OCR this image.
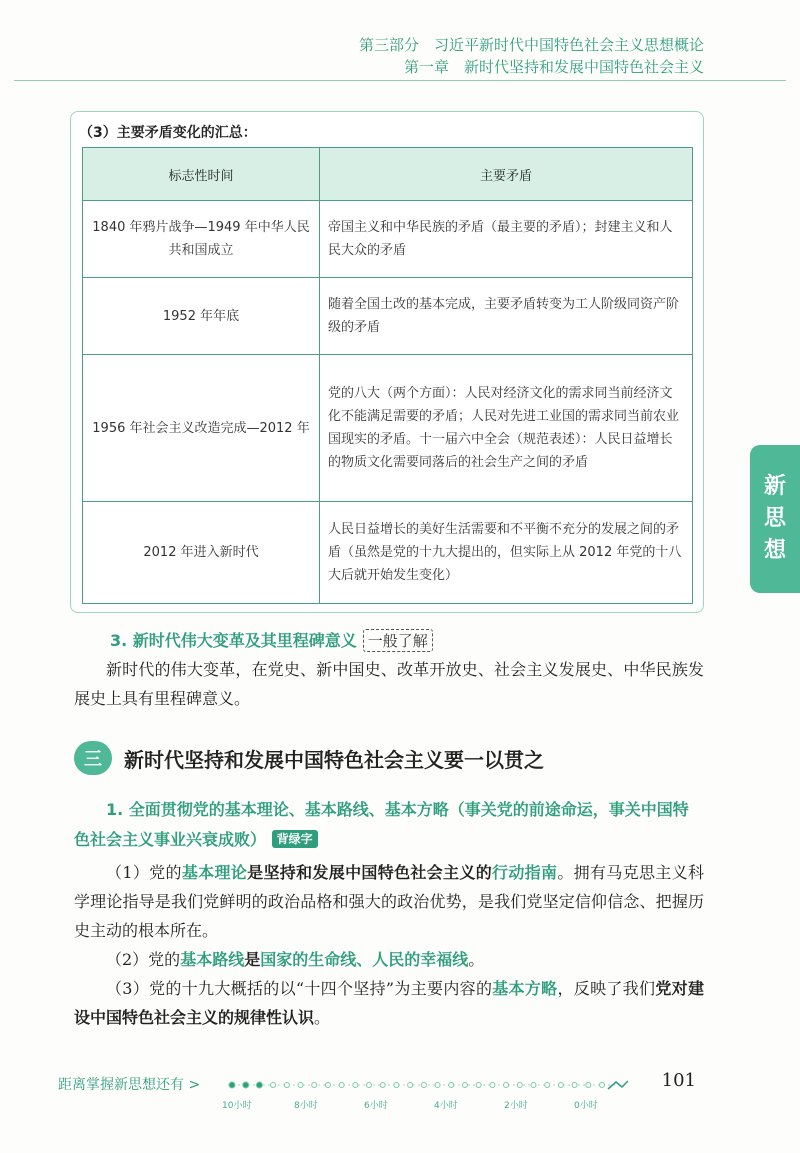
第三部分　习近平新时代中国特色社会主义思想概论
第一章　新时代坚持和发展中国特色社会主义
新
思
想
（3）主要矛盾变化的汇总：
标志性时间	主要矛盾
1840 年鸦片战争—1949 年中华人民共和国成立	帝国主义和中华民族的矛盾（最主要的矛盾）；封建主义和人民大众的矛盾
1952 年年底	随着全国土改的基本完成，主要矛盾转变为工人阶级同资产阶级的矛盾
1956 年社会主义改造完成—2012 年	党的八大（两个方面）：人民对经济文化的需求同当前经济文化不能满足需要的矛盾；人民对先进工业国的需求同当前农业国现实的矛盾。十一届六中全会（规范表述）：人民日益增长的物质文化需要同落后的社会生产之间的矛盾
2012 年进入新时代	人民日益增长的美好生活需要和不平衡不充分的发展之间的矛盾（虽然是党的十九大提出的，但实际上从 2012 年党的十八大后就开始发生变化）
3. 新时代伟大变革及其里程碑意义 一般了解

新时代的伟大变革，在党史、新中国史、改革开放史、社会主义发展史、中华民族发展史上具有里程碑意义。

三	新时代坚持和发展中国特色社会主义要一以贯之
1. 全面贯彻党的基本理论、基本路线、基本方略（事关党的前途命运，事关中国特色社会主义事业兴衰成败） 背绿字

（1）党的基本理论是坚持和发展中国特色社会主义的行动指南。拥有马克思主义科学理论指导是我们党鲜明的政治品格和强大的政治优势，是我们党坚定信仰信念、把握历史主动的根本所在。

（2）党的基本路线是国家的生命线、人民的幸福线。

（3）党的十九大概括的以“十四个坚持”为主要内容的基本方略，反映了我们党对建设中国特色社会主义的规律性认识。

距离掌握新思想还有 >	101
10小时	8小时	6小时	4小时	2小时	0小时
